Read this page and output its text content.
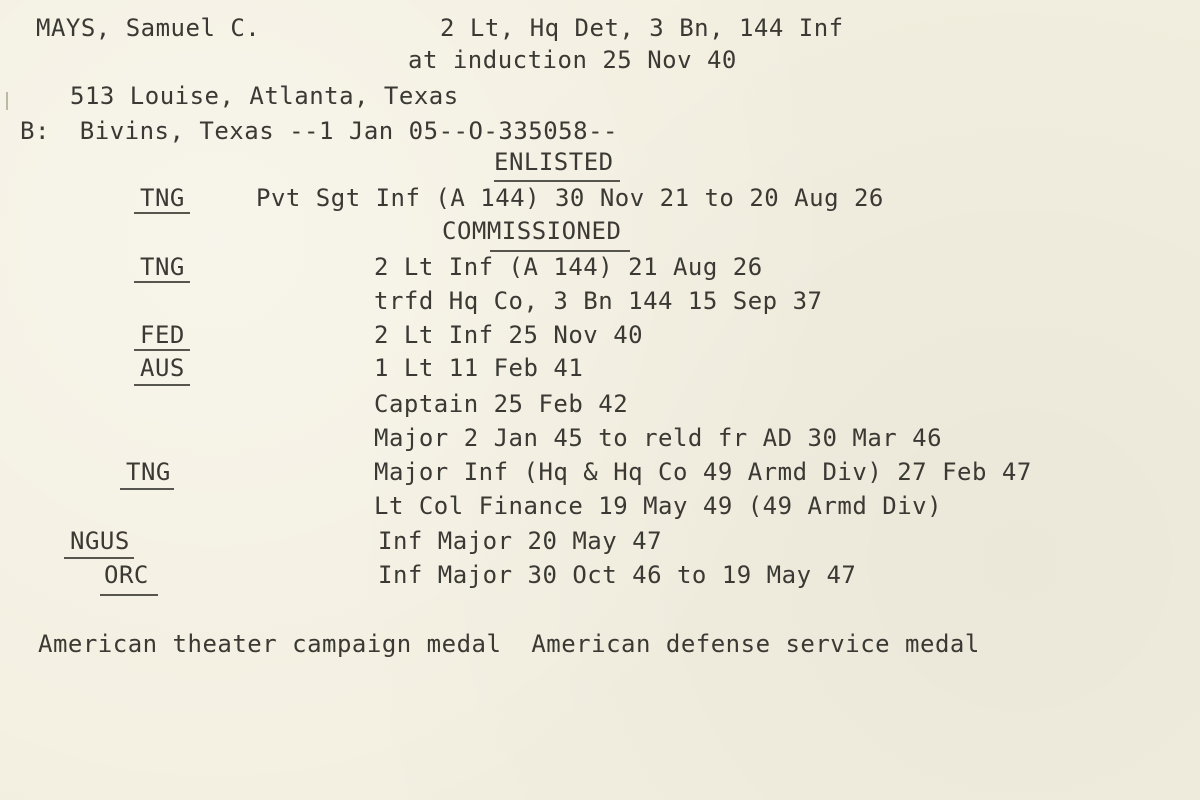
MAYS, Samuel C.	2 Lt, Hq Det, 3 Bn, 144 Inf
at induction 25 Nov 40
513 Louise, Atlanta, Texas
B:  Bivins, Texas --1 Jan 05--O-335058--
ENLISTED
TNG	Pvt Sgt Inf (A 144) 30 Nov 21 to 20 Aug 26
COMMISSIONED
TNG	2 Lt Inf (A 144) 21 Aug 26
trfd Hq Co, 3 Bn 144 15 Sep 37
FED	2 Lt Inf 25 Nov 40
AUS	1 Lt 11 Feb 41
Captain 25 Feb 42
Major 2 Jan 45 to reld fr AD 30 Mar 46
TNG	Major Inf (Hq & Hq Co 49 Armd Div) 27 Feb 47
Lt Col Finance 19 May 49 (49 Armd Div)
NGUS	Inf Major 20 May 47
ORC	Inf Major 30 Oct 46 to 19 May 47
American theater campaign medal  American defense service medal
